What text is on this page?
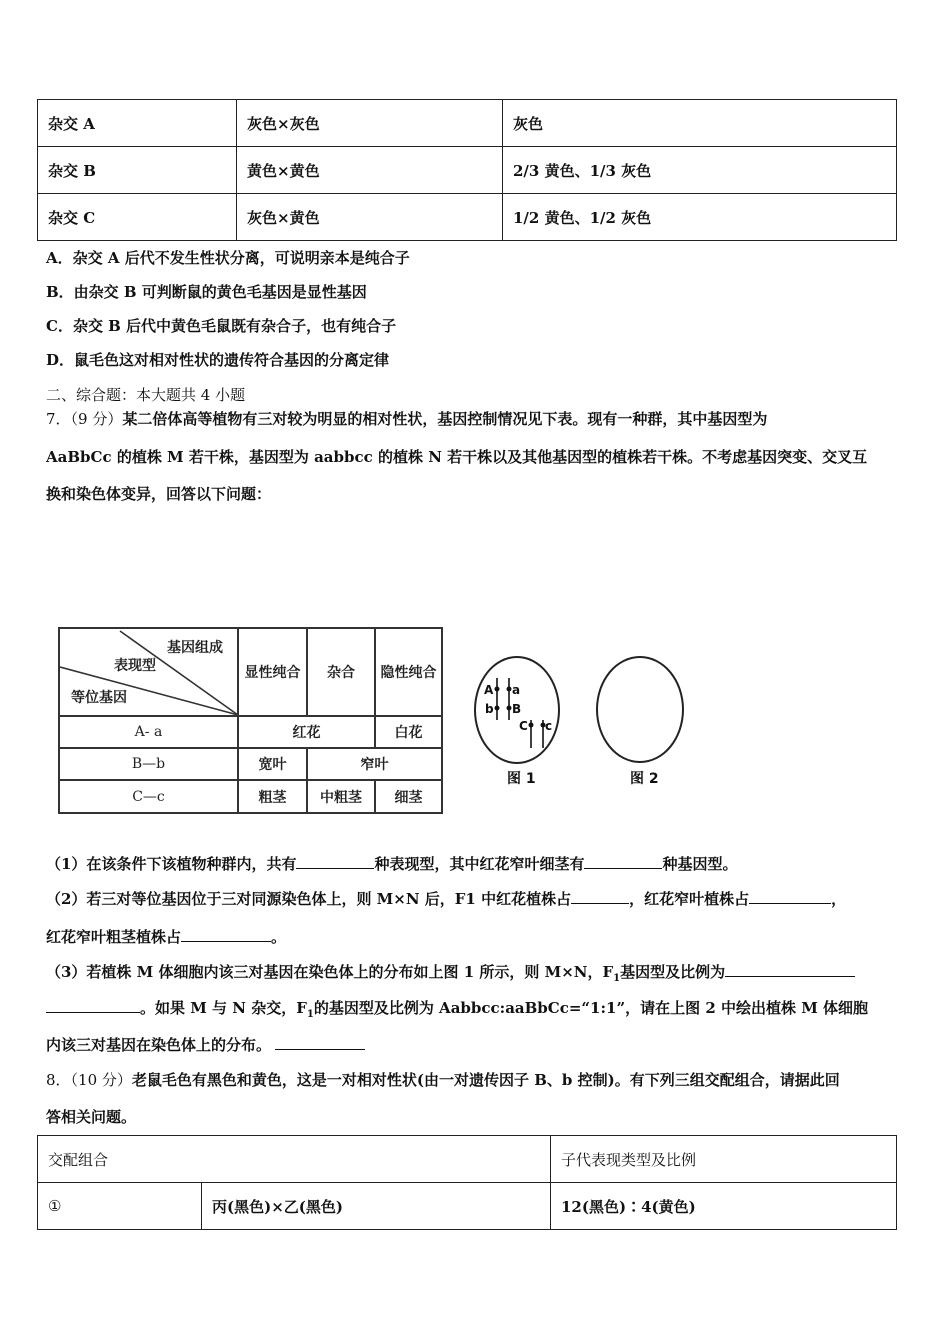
杂交 A	灰色×灰色	灰色
杂交 B	黄色×黄色	2/3 黄色、1/3 灰色
杂交 C	灰色×黄色	1/2 黄色、1/2 灰色
A．杂交 A 后代不发生性状分离，可说明亲本是纯合子
B．由杂交 B 可判断鼠的黄色毛基因是显性基因
C．杂交 B 后代中黄色毛鼠既有杂合子，也有纯合子
D．鼠毛色这对相对性状的遗传符合基因的分离定律
二、综合题：本大题共 4 小题
7．（9 分）某二倍体高等植物有三对较为明显的相对性状，基因控制情况见下表。现有一种群，其中基因型为
AaBbCc 的植株 M 若干株，基因型为 aabbcc 的植株 N 若干株以及其他基因型的植株若干株。不考虑基因突变、交叉互
换和染色体变异，回答以下问题：
基因组成
表现型
等位基因
显性纯合	杂合	隐性纯合
A- a	红花	白花
B—b	宽叶	窄叶
C—c	粗茎	中粗茎	细茎
A a
b B
C c
图 1	图 2
（1）在该条件下该植物种群内，共有	种表现型，其中红花窄叶细茎有	种基因型。
（2）若三对等位基因位于三对同源染色体上，则 M×N 后，F1 中红花植株占	，红花窄叶植株占	，
红花窄叶粗茎植株占	。
（3）若植株 M 体细胞内该三对基因在染色体上的分布如上图 1 所示，则 M×N，$F_1$基因型及比例为
。如果 M 与 N 杂交，$F_1$的基因型及比例为 Aabbcc:aaBbCc=“1:1”，请在上图 2 中绘出植株 M 体细胞
内该三对基因在染色体上的分布。
8．（10 分）老鼠毛色有黑色和黄色，这是一对相对性状(由一对遗传因子 B、b 控制)。有下列三组交配组合，请据此回
答相关问题。
交配组合		子代表现类型及比例
①	丙(黑色)×乙(黑色)	12(黑色)∶4(黄色)
